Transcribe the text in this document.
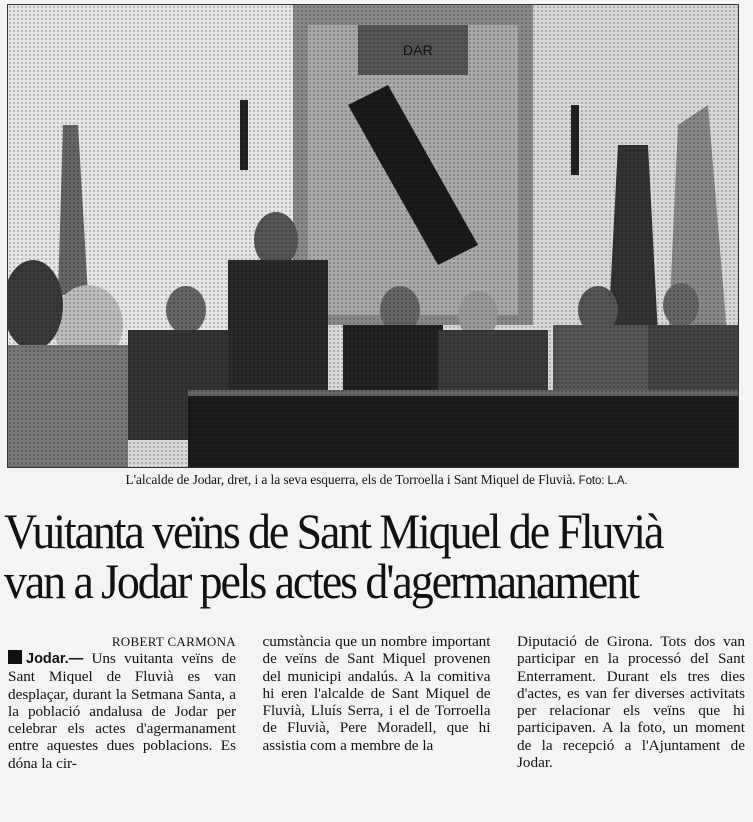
L'alcalde de Jodar, dret, i a la seva esquerra, els de Torroella i Sant Miquel de Fluvià. Foto: L.A.
Vuitanta veïns de Sant Miquel de Fluvià
van a Jodar pels actes d'agermanament

ROBERT CARMONA

Jodar.— Uns vuitanta veïns de Sant Miquel de Fluvià es van desplaçar, durant la Setmana Santa, a la població andalusa de Jodar per celebrar els actes d'agermanament entre aquestes dues poblacions. Es dóna la cir-

cumstància que un nombre important de veïns de Sant Miquel provenen del municipi andalús. A la comitiva hi eren l'alcalde de Sant Miquel de Fluvià, Lluís Serra, i el de Torroella de Fluvià, Pere Moradell, que hi assistia com a membre de la

Diputació de Girona. Tots dos van participar en la processó del Sant Enterrament. Durant els tres dies d'actes, es van fer diverses activitats per relacionar els veïns que hi participaven. A la foto, un moment de la recepció a l'Ajuntament de Jodar.
